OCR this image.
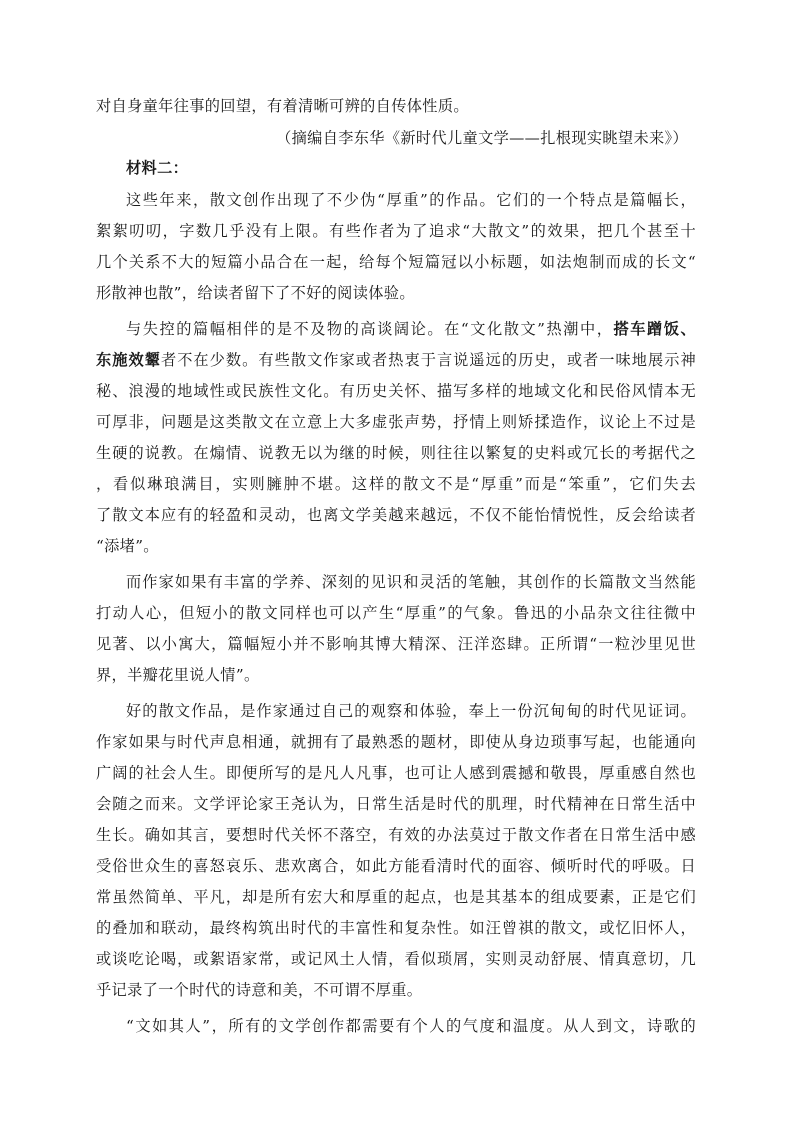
对自身童年往事的回望，有着清晰可辨的自传体性质。
（摘编自李东华《新时代儿童文学——扎根现实眺望未来》）
材料二：
这些年来，散文创作出现了不少伪“厚重”的作品。它们的一个特点是篇幅长，
絮絮叨叨，字数几乎没有上限。有些作者为了追求“大散文”的效果，把几个甚至十
几个关系不大的短篇小品合在一起，给每个短篇冠以小标题，如法炮制而成的长文“
形散神也散”，给读者留下了不好的阅读体验。
与失控的篇幅相伴的是不及物的高谈阔论。在“文化散文”热潮中，搭车蹭饭、
东施效颦者不在少数。有些散文作家或者热衷于言说遥远的历史，或者一味地展示神
秘、浪漫的地域性或民族性文化。有历史关怀、描写多样的地域文化和民俗风情本无
可厚非，问题是这类散文在立意上大多虚张声势，抒情上则矫揉造作，议论上不过是
生硬的说教。在煽情、说教无以为继的时候，则往往以繁复的史料或冗长的考据代之
，看似琳琅满目，实则臃肿不堪。这样的散文不是“厚重”而是“笨重”，它们失去
了散文本应有的轻盈和灵动，也离文学美越来越远，不仅不能怡情悦性，反会给读者
“添堵”。
而作家如果有丰富的学养、深刻的见识和灵活的笔触，其创作的长篇散文当然能
打动人心，但短小的散文同样也可以产生“厚重”的气象。鲁迅的小品杂文往往微中
见著、以小寓大，篇幅短小并不影响其博大精深、汪洋恣肆。正所谓“一粒沙里见世
界，半瓣花里说人情”。
好的散文作品，是作家通过自己的观察和体验，奉上一份沉甸甸的时代见证词。
作家如果与时代声息相通，就拥有了最熟悉的题材，即使从身边琐事写起，也能通向
广阔的社会人生。即便所写的是凡人凡事，也可让人感到震撼和敬畏，厚重感自然也
会随之而来。文学评论家王尧认为，日常生活是时代的肌理，时代精神在日常生活中
生长。确如其言，要想时代关怀不落空，有效的办法莫过于散文作者在日常生活中感
受俗世众生的喜怒哀乐、悲欢离合，如此方能看清时代的面容、倾听时代的呼吸。日
常虽然简单、平凡，却是所有宏大和厚重的起点，也是其基本的组成要素，正是它们
的叠加和联动，最终构筑出时代的丰富性和复杂性。如汪曾祺的散文，或忆旧怀人，
或谈吃论喝，或絮语家常，或记风土人情，看似琐屑，实则灵动舒展、情真意切，几
乎记录了一个时代的诗意和美，不可谓不厚重。
“文如其人”，所有的文学创作都需要有个人的气度和温度。从人到文，诗歌的
